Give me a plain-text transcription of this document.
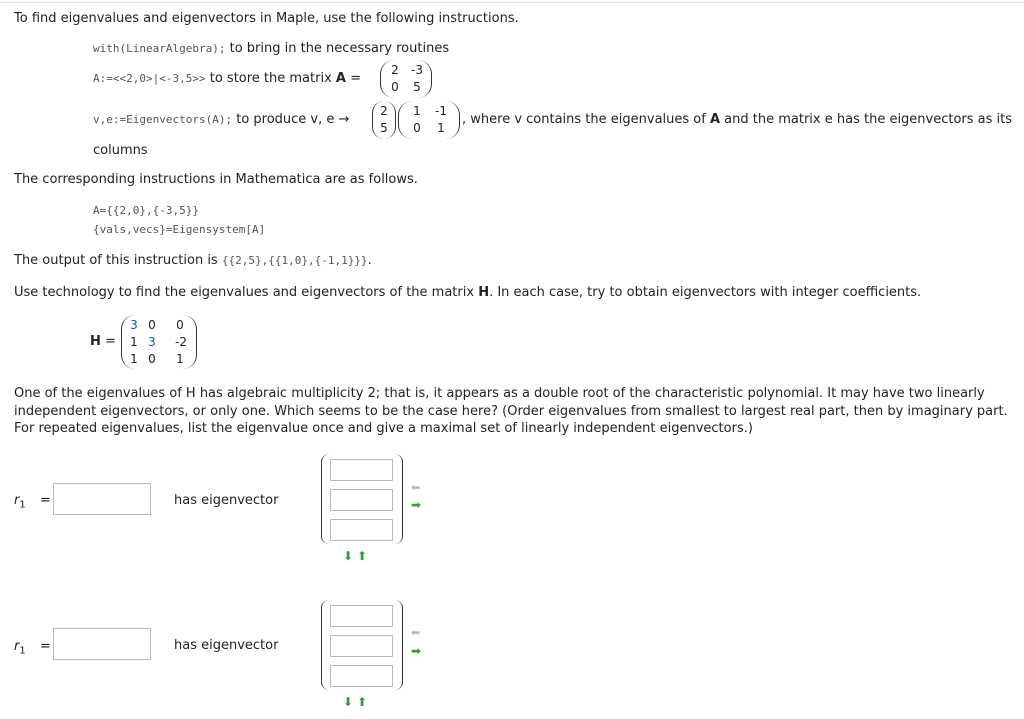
To find eigenvalues and eigenvectors in Maple, use the following instructions.
with(LinearAlgebra); to bring in the necessary routines
A:=<<2,0>|<-3,5>> to store the matrix A =
2	-3
0	5
v,e:=Eigenvectors(A); to produce v, e →
2
5
1	-1
0	1
, where v contains the eigenvalues of A and the matrix e has the eigenvectors as its
columns
The corresponding instructions in Mathematica are as follows.
A={{2,0},{-3,5}}
{vals,vecs}=Eigensystem[A]
The output of this instruction is {{2,5},{{1,0},{-1,1}}}.
Use technology to find the eigenvalues and eigenvectors of the matrix H. In each case, try to obtain eigenvectors with integer coefficients.
H =
3 0	0
1 3	-2
1 0	1
One of the eigenvalues of H has algebraic multiplicity 2; that is, it appears as a double root of the characteristic polynomial. It may have two linearly independent eigenvectors, or only one. Which seems to be the case here? (Order eigenvalues from smallest to largest real part, then by imaginary part. For repeated eigenvalues, list the eigenvalue once and give a maximal set of linearly independent eigenvectors.)
$r_1$ =	has eigenvector
⬅
➡
⬇ ⬆
$r_1$ =	has eigenvector
⬅
➡
⬇ ⬆
